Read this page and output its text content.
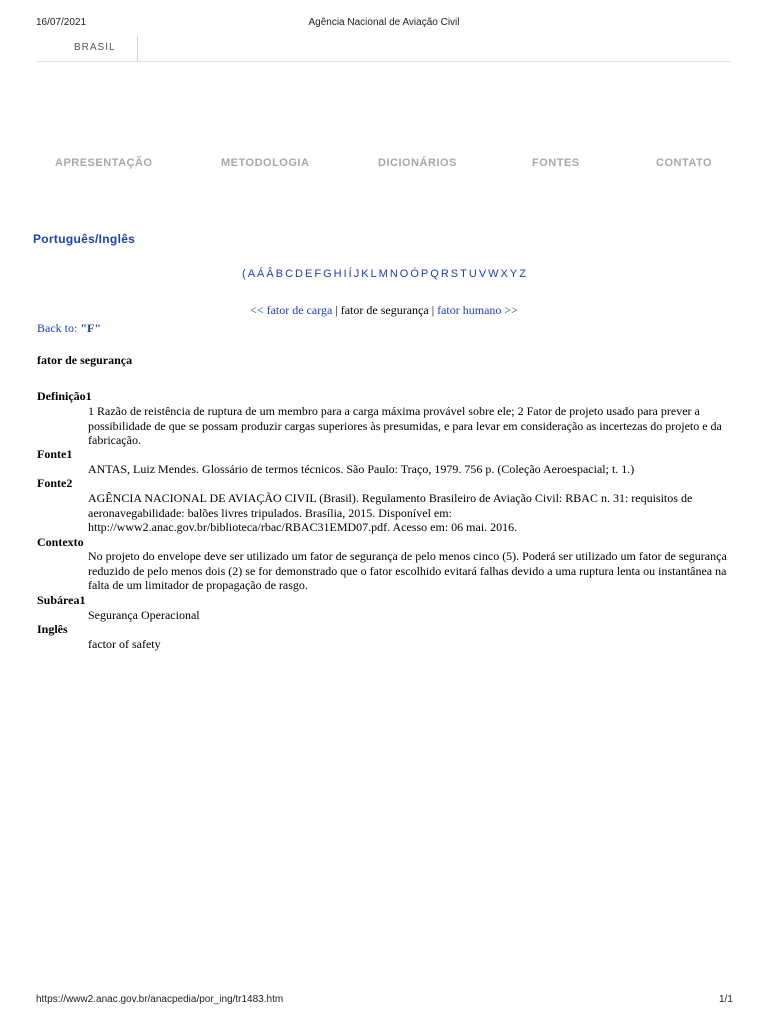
16/07/2021	Agência Nacional de Aviação Civil
BRASIL
APRESENTAÇÃO	METODOLOGIA	DICIONÁRIOS	FONTES	CONTATO
Português/Inglês
( A Á Â B C D E F G H I Í J K L M N O Ó P Q R S T U V W X Y Z
<< fator de carga | fator de segurança | fator humano >>
Back to: "F"
fator de segurança
Definição1
1 Razão de reistência de ruptura de um membro para a carga máxima provável sobre ele; 2 Fator de projeto usado para prever a possibilidade de que se possam produzir cargas superiores às presumidas, e para levar em consideração as incertezas do projeto e da fabricação.
Fonte1
ANTAS, Luiz Mendes. Glossário de termos técnicos. São Paulo: Traço, 1979. 756 p. (Coleção Aeroespacial; t. 1.)
Fonte2
AGÊNCIA NACIONAL DE AVIAÇÃO CIVIL (Brasil). Regulamento Brasileiro de Aviação Civil: RBAC n. 31: requisitos de aeronavegabilidade: balões livres tripulados. Brasília, 2015. Disponível em: http://www2.anac.gov.br/biblioteca/rbac/RBAC31EMD07.pdf. Acesso em: 06 mai. 2016.
Contexto
No projeto do envelope deve ser utilizado um fator de segurança de pelo menos cinco (5). Poderá ser utilizado um fator de segurança reduzido de pelo menos dois (2) se for demonstrado que o fator escolhido evitará falhas devido a uma ruptura lenta ou instantânea na falta de um limitador de propagação de rasgo.
Subárea1
Segurança Operacional
Inglês
factor of safety
https://www2.anac.gov.br/anacpedia/por_ing/tr1483.htm	1/1
